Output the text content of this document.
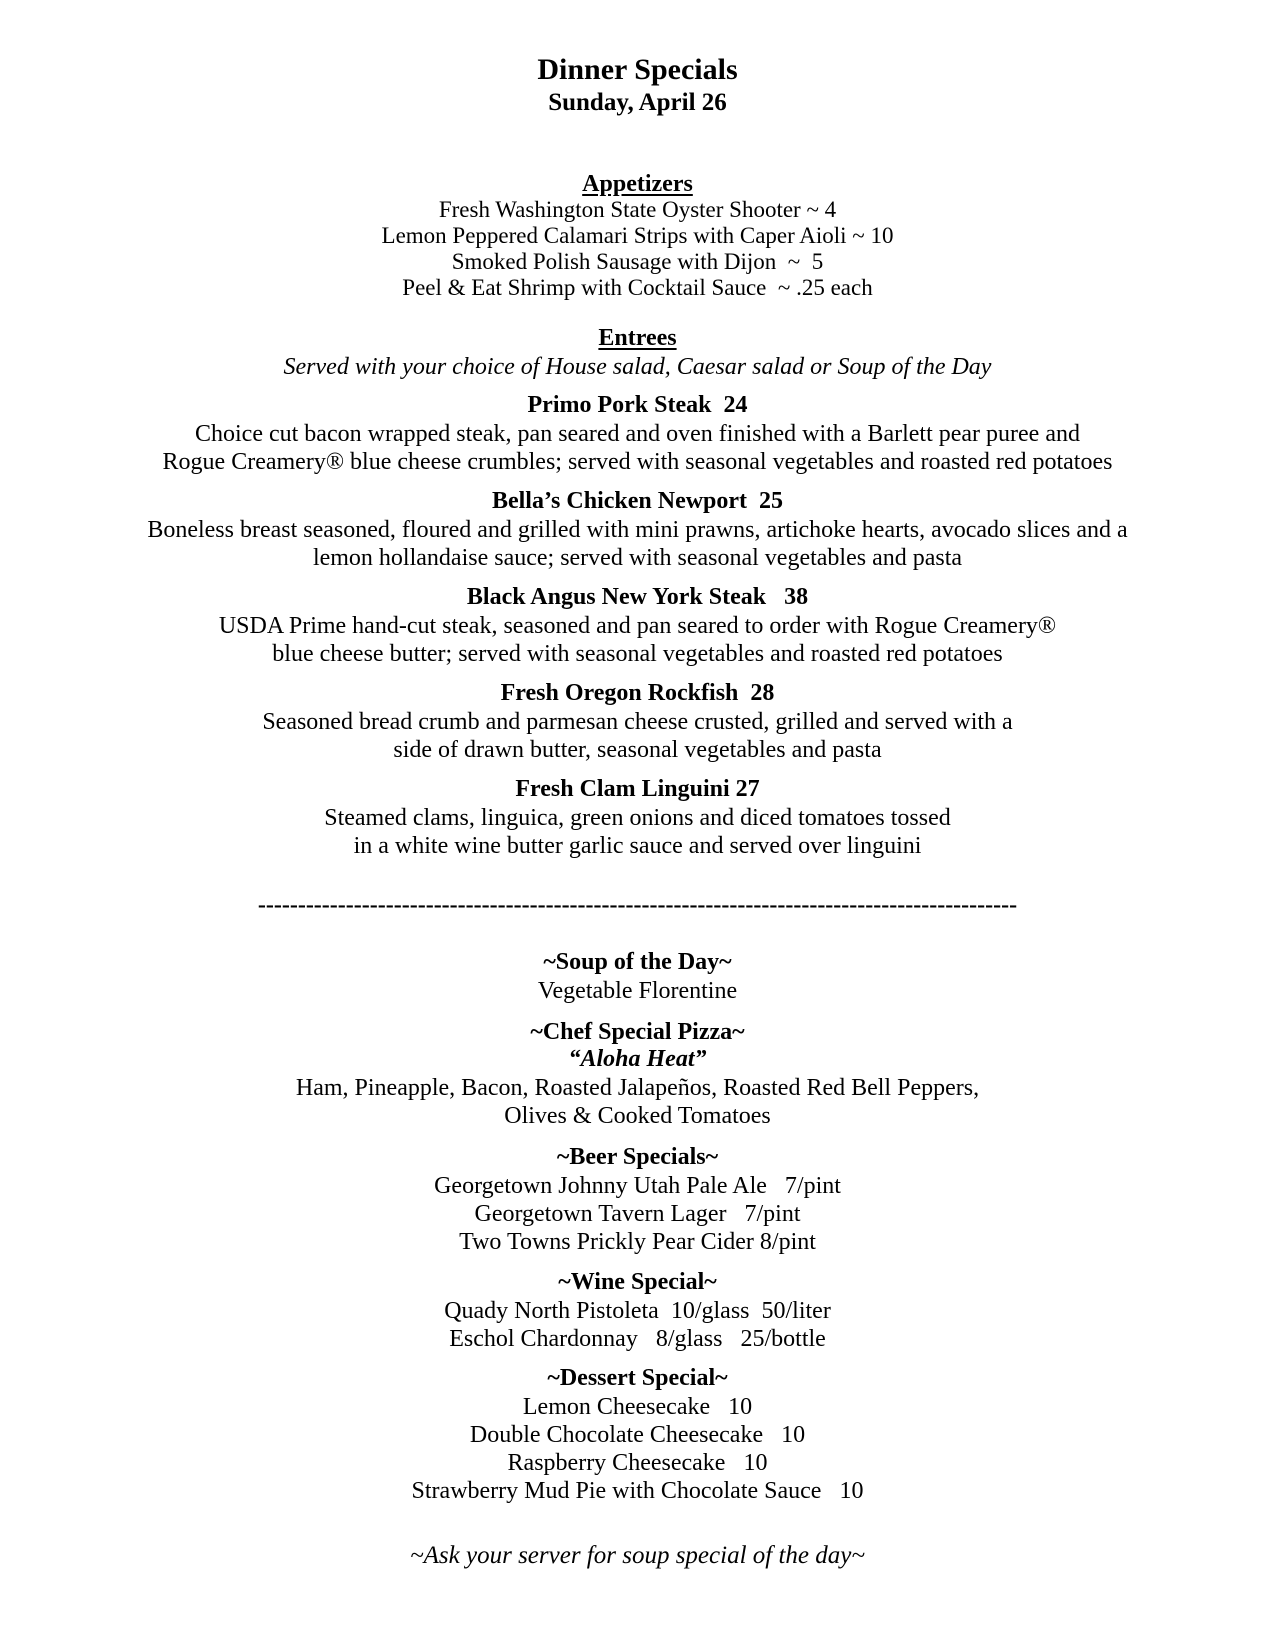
Dinner Specials
Sunday, April 26
Appetizers
Fresh Washington State Oyster Shooter ~ 4
Lemon Peppered Calamari Strips with Caper Aioli ~ 10
Smoked Polish Sausage with Dijon  ~  5
Peel & Eat Shrimp with Cocktail Sauce  ~ .25 each
Entrees
Served with your choice of House salad, Caesar salad or Soup of the Day
Primo Pork Steak  24
Choice cut bacon wrapped steak, pan seared and oven finished with a Barlett pear puree and
Rogue Creamery® blue cheese crumbles; served with seasonal vegetables and roasted red potatoes
Bella’s Chicken Newport  25
Boneless breast seasoned, floured and grilled with mini prawns, artichoke hearts, avocado slices and a
lemon hollandaise sauce; served with seasonal vegetables and pasta
Black Angus New York Steak   38
USDA Prime hand-cut steak, seasoned and pan seared to order with Rogue Creamery®
blue cheese butter; served with seasonal vegetables and roasted red potatoes
Fresh Oregon Rockfish  28
Seasoned bread crumb and parmesan cheese crusted, grilled and served with a
side of drawn butter, seasonal vegetables and pasta
Fresh Clam Linguini 27
Steamed clams, linguica, green onions and diced tomatoes tossed
in a white wine butter garlic sauce and served over linguini
-----------------------------------------------------------------------------------------------
~Soup of the Day~
Vegetable Florentine
~Chef Special Pizza~
“Aloha Heat”
Ham, Pineapple, Bacon, Roasted Jalapeños, Roasted Red Bell Peppers,
Olives & Cooked Tomatoes
~Beer Specials~
Georgetown Johnny Utah Pale Ale   7/pint
Georgetown Tavern Lager   7/pint
Two Towns Prickly Pear Cider 8/pint
~Wine Special~
Quady North Pistoleta  10/glass  50/liter
Eschol Chardonnay   8/glass   25/bottle
~Dessert Special~
Lemon Cheesecake   10
Double Chocolate Cheesecake   10
Raspberry Cheesecake   10
Strawberry Mud Pie with Chocolate Sauce   10
~Ask your server for soup special of the day~
